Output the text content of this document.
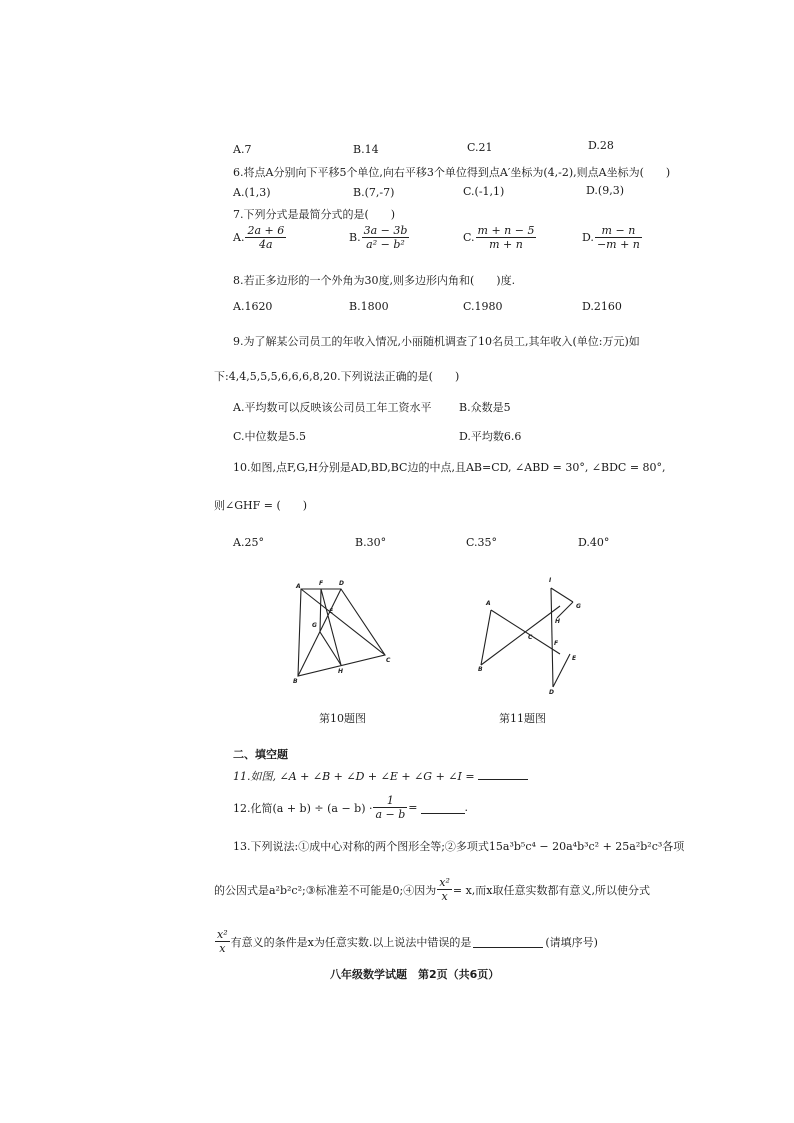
A.7	B.14	C.21	D.28
6.将点A分别向下平移5个单位,向右平移3个单位得到点A′坐标为(4,-2),则点A坐标为(　　)
A.(1,3)	B.(7,-7)	C.(-1,1)	D.(9,3)
7.下列分式是最简分式的是(　　)
A. $\frac{2a + 6}{4a}$	B. $\frac{3a - 3b}{\text{a² − b²}}$	C. $\frac{m + n - 5}{m + n}$	D. $\frac{m - n}{-m + n}$
8.若正多边形的一个外角为30度,则多边形内角和(　　)度.
A.1620	B.1800	C.1980	D.2160
9.为了解某公司员工的年收入情况,小丽随机调查了10名员工,其年收入(单位:万元)如
下:4,4,5,5,5,6,6,6,8,20.下列说法正确的是(　　)
A.平均数可以反映该公司员工年工资水平	B.众数是5
C.中位数是5.5	D.平均数6.6
10.如图,点F,G,H分别是AD,BD,BC边的中点,且AB=CD, ∠ABD = 30°, ∠BDC = 80°,
则∠GHF = (　　)
A.25°	B.30°	C.35°	D.40°
A	F	D
E
G
B
H
C
I
A	G
H
C
F
B
E
D
第10题图	第11题图
二、填空题
11.如图, ∠A + ∠B + ∠D + ∠E + ∠G + ∠I =
12.化简$(a + b) \div (a - b) \cdot \frac{1}{a - b}$ =	.
13.下列说法:①成中心对称的两个图形全等;②多项式15a³b⁵c⁴ − 20a⁴b³c² + 25a²b²c³各项
的公因式是a²b²c²;③标准差不可能是0;④因为 $\frac{\text{x²}}{x} = x$,而x取任意实数都有意义,所以使分式
$\frac{\text{x²}}{x}$ 有意义的条件是x为任意实数.以上说法中错误的是	(请填序号)
八年级数学试题　第2页（共6页）
